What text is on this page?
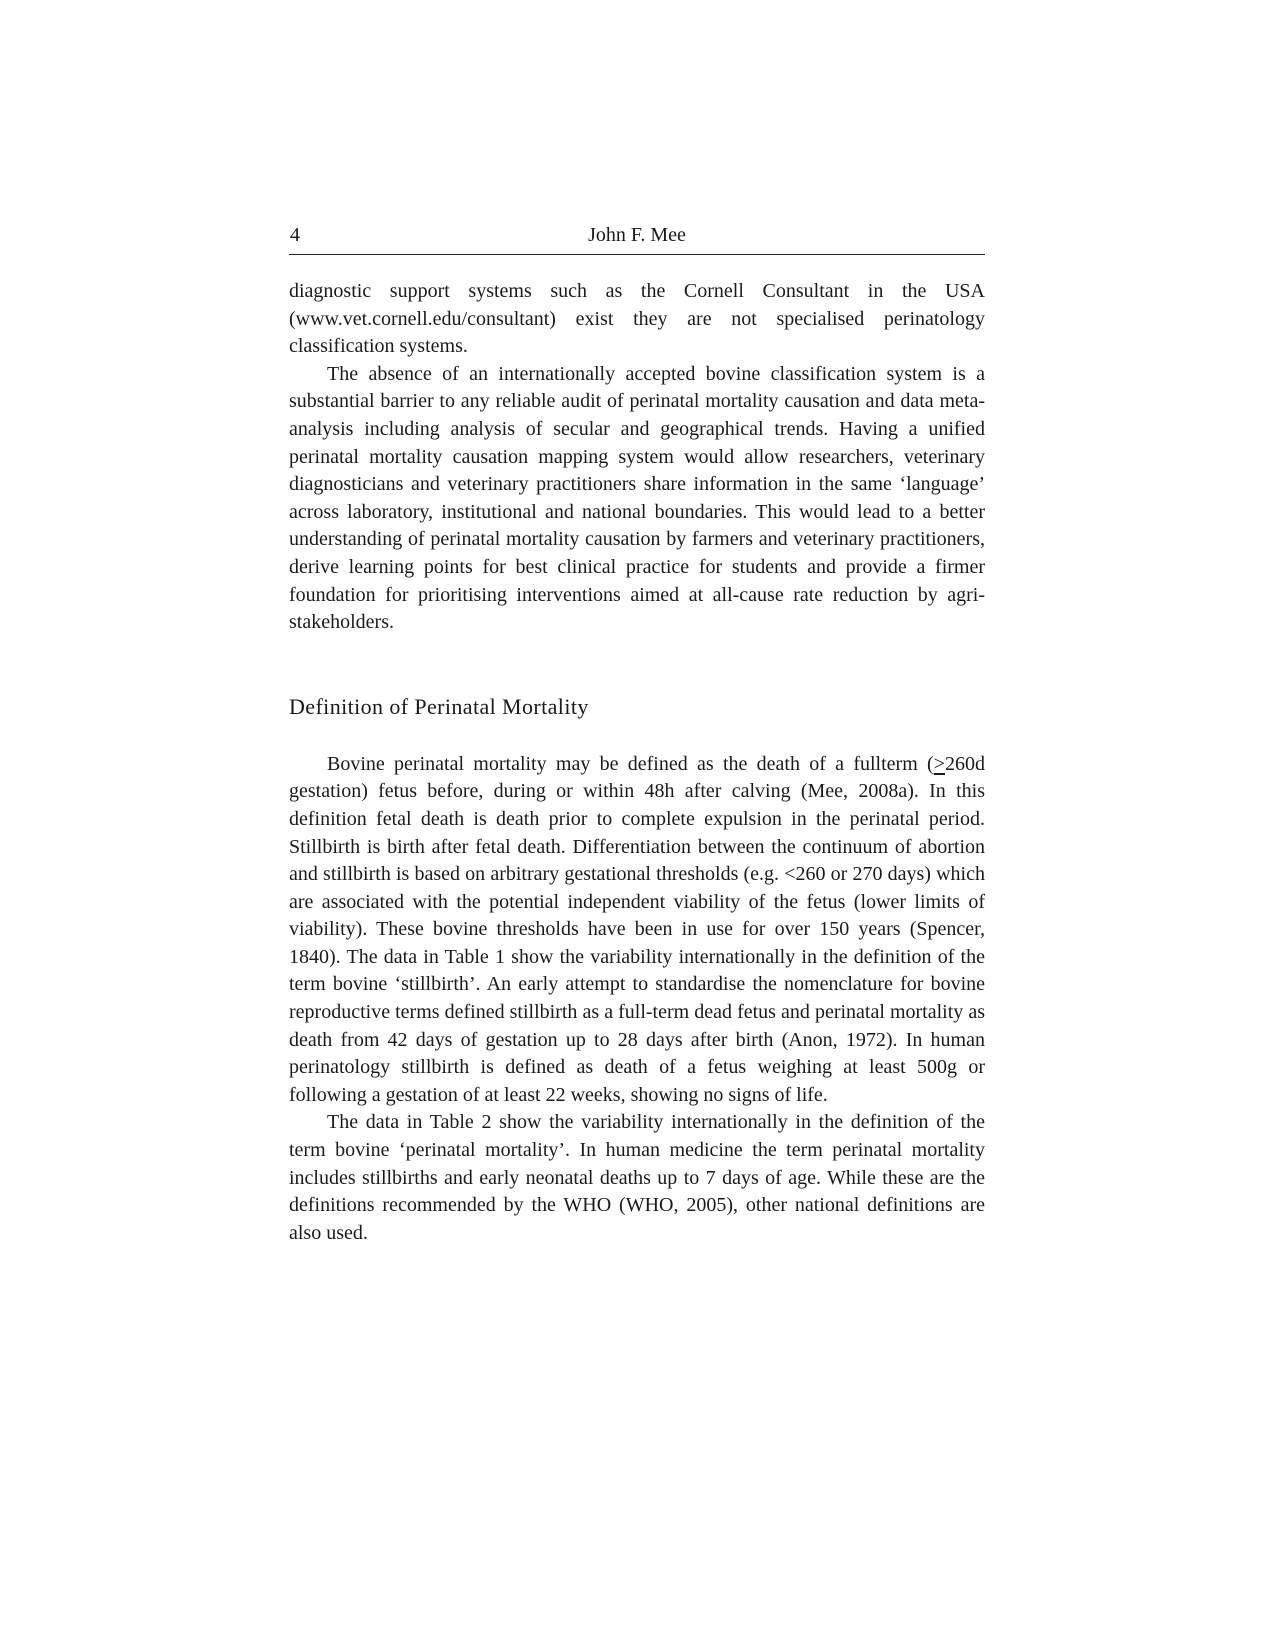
4	John F. Mee

diagnostic support systems such as the Cornell Consultant in the USA (www.vet.cornell.edu/consultant) exist they are not specialised perinatology classification systems.

The absence of an internationally accepted bovine classification system is a substantial barrier to any reliable audit of perinatal mortality causation and data meta-analysis including analysis of secular and geographical trends. Having a unified perinatal mortality causation mapping system would allow researchers, veterinary diagnosticians and veterinary practitioners share information in the same ‘language’ across laboratory, institutional and national boundaries. This would lead to a better understanding of perinatal mortality causation by farmers and veterinary practitioners, derive learning points for best clinical practice for students and provide a firmer foundation for prioritising interventions aimed at all-cause rate reduction by agri-stakeholders.

Definition of Perinatal Mortality

Bovine perinatal mortality may be defined as the death of a fullterm (≥260d gestation) fetus before, during or within 48h after calving (Mee, 2008a). In this definition fetal death is death prior to complete expulsion in the perinatal period. Stillbirth is birth after fetal death. Differentiation between the continuum of abortion and stillbirth is based on arbitrary gestational thresholds (e.g. <260 or 270 days) which are associated with the potential independent viability of the fetus (lower limits of viability). These bovine thresholds have been in use for over 150 years (Spencer, 1840). The data in Table 1 show the variability internationally in the definition of the term bovine ‘stillbirth’. An early attempt to standardise the nomenclature for bovine reproductive terms defined stillbirth as a full-term dead fetus and perinatal mortality as death from 42 days of gestation up to 28 days after birth (Anon, 1972). In human perinatology stillbirth is defined as death of a fetus weighing at least 500g or following a gestation of at least 22 weeks, showing no signs of life.

The data in Table 2 show the variability internationally in the definition of the term bovine ‘perinatal mortality’. In human medicine the term perinatal mortality includes stillbirths and early neonatal deaths up to 7 days of age. While these are the definitions recommended by the WHO (WHO, 2005), other national definitions are also used.
